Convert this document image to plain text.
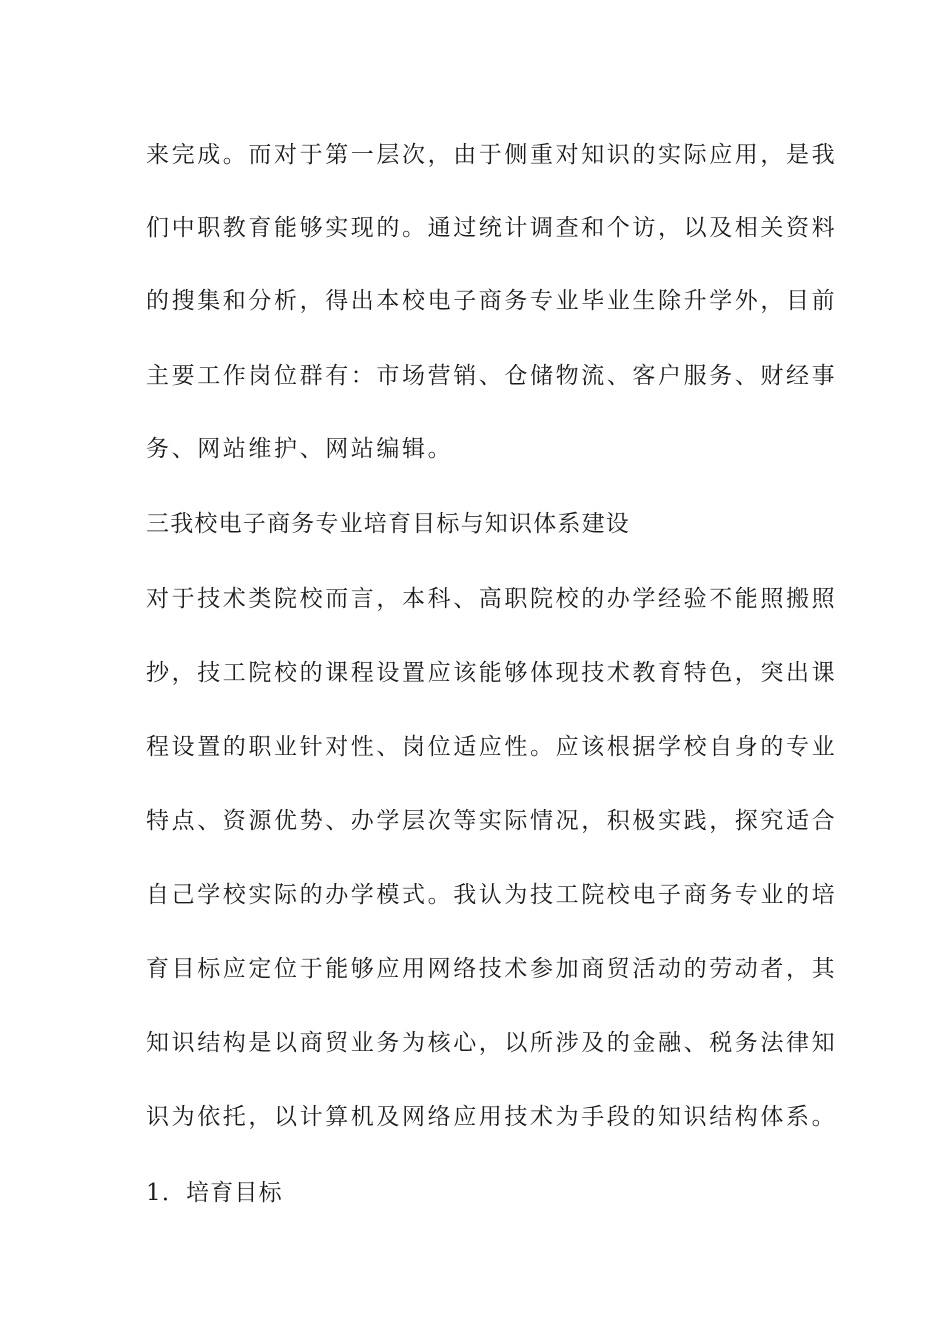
来完成。而对于第一层次，由于侧重对知识的实际应用，是我
们中职教育能够实现的。通过统计调查和个访，以及相关资料
的搜集和分析，得出本校电子商务专业毕业生除升学外，目前
主要工作岗位群有：市场营销、仓储物流、客户服务、财经事
务、网站维护、网站编辑。
三我校电子商务专业培育目标与知识体系建设
对于技术类院校而言，本科、高职院校的办学经验不能照搬照
抄，技工院校的课程设置应该能够体现技术教育特色，突出课
程设置的职业针对性、岗位适应性。应该根据学校自身的专业
特点、资源优势、办学层次等实际情况，积极实践，探究适合
自己学校实际的办学模式。我认为技工院校电子商务专业的培
育目标应定位于能够应用网络技术参加商贸活动的劳动者，其
知识结构是以商贸业务为核心，以所涉及的金融、税务法律知
识为依托，以计算机及网络应用技术为手段的知识结构体系。
1．培育目标
